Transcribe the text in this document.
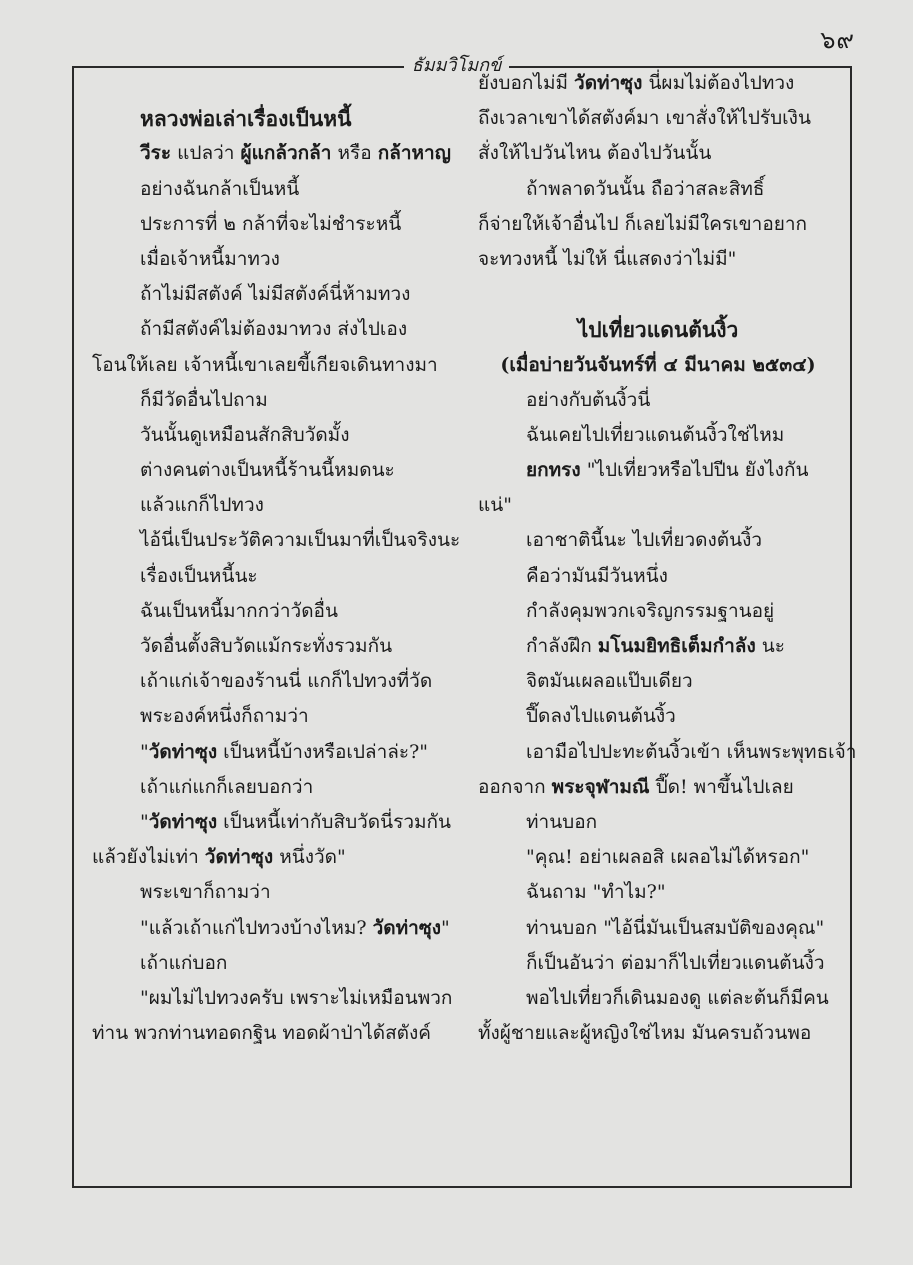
๖๙
ธัมมวิโมกข์
หลวงพ่อเล่าเรื่องเป็นหนี้
วีระ แปลว่า ผู้แกล้วกล้า หรือ กล้าหาญ
อย่างฉันกล้าเป็นหนี้
ประการที่ ๒ กล้าที่จะไม่ชำระหนี้
เมื่อเจ้าหนี้มาทวง
ถ้าไม่มีสตังค์ ไม่มีสตังค์นี่ห้ามทวง
ถ้ามีสตังค์ไม่ต้องมาทวง ส่งไปเอง
โอนให้เลย เจ้าหนี้เขาเลยขี้เกียจเดินทางมา
ก็มีวัดอื่นไปถาม
วันนั้นดูเหมือนสักสิบวัดมั้ง
ต่างคนต่างเป็นหนี้ร้านนี้หมดนะ
แล้วแกก็ไปทวง
ไอ้นี่เป็นประวัติความเป็นมาที่เป็นจริงนะ
เรื่องเป็นหนี้นะ
ฉันเป็นหนี้มากกว่าวัดอื่น
วัดอื่นตั้งสิบวัดแม้กระทั่งรวมกัน
เถ้าแก่เจ้าของร้านนี่ แกก็ไปทวงที่วัด
พระองค์หนึ่งก็ถามว่า
"วัดท่าซุง เป็นหนี้บ้างหรือเปล่าล่ะ?"
เถ้าแก่แกก็เลยบอกว่า
"วัดท่าซุง เป็นหนี้เท่ากับสิบวัดนี่รวมกัน
แล้วยังไม่เท่า วัดท่าซุง หนึ่งวัด"
พระเขาก็ถามว่า
"แล้วเถ้าแก่ไปทวงบ้างไหม? วัดท่าซุง"
เถ้าแก่บอก
"ผมไม่ไปทวงครับ เพราะไม่เหมือนพวก
ท่าน พวกท่านทอดกฐิน ทอดผ้าป่าได้สตังค์
ยังบอกไม่มี วัดท่าซุง นี่ผมไม่ต้องไปทวง
ถึงเวลาเขาได้สตังค์มา เขาสั่งให้ไปรับเงิน
สั่งให้ไปวันไหน ต้องไปวันนั้น
ถ้าพลาดวันนั้น ถือว่าสละสิทธิ์
ก็จ่ายให้เจ้าอื่นไป ก็เลยไม่มีใครเขาอยาก
จะทวงหนี้ ไม่ให้ นี่แสดงว่าไม่มี"
ไปเที่ยวแดนต้นงิ้ว
(เมื่อบ่ายวันจันทร์ที่ ๔ มีนาคม ๒๕๓๔)
อย่างกับต้นงิ้วนี่
ฉันเคยไปเที่ยวแดนต้นงิ้วใช่ไหม
ยกทรง "ไปเที่ยวหรือไปปีน ยังไงกัน
แน่"
เอาชาตินี้นะ ไปเที่ยวดงต้นงิ้ว
คือว่ามันมีวันหนึ่ง
กำลังคุมพวกเจริญกรรมฐานอยู่
กำลังฝึก มโนมยิทธิเต็มกำลัง นะ
จิตมันเผลอแป๊บเดียว
ปี๊ดลงไปแดนต้นงิ้ว
เอามือไปปะทะต้นงิ้วเข้า เห็นพระพุทธเจ้า
ออกจาก พระจุฬามณี ปี๊ด! พาขึ้นไปเลย
ท่านบอก
"คุณ! อย่าเผลอสิ เผลอไม่ได้หรอก"
ฉันถาม "ทำไม?"
ท่านบอก "ไอ้นี่มันเป็นสมบัติของคุณ"
ก็เป็นอันว่า ต่อมาก็ไปเที่ยวแดนต้นงิ้ว
พอไปเที่ยวก็เดินมองดู แต่ละต้นก็มีคน
ทั้งผู้ชายและผู้หญิงใช่ไหม มันครบถ้วนพอ
